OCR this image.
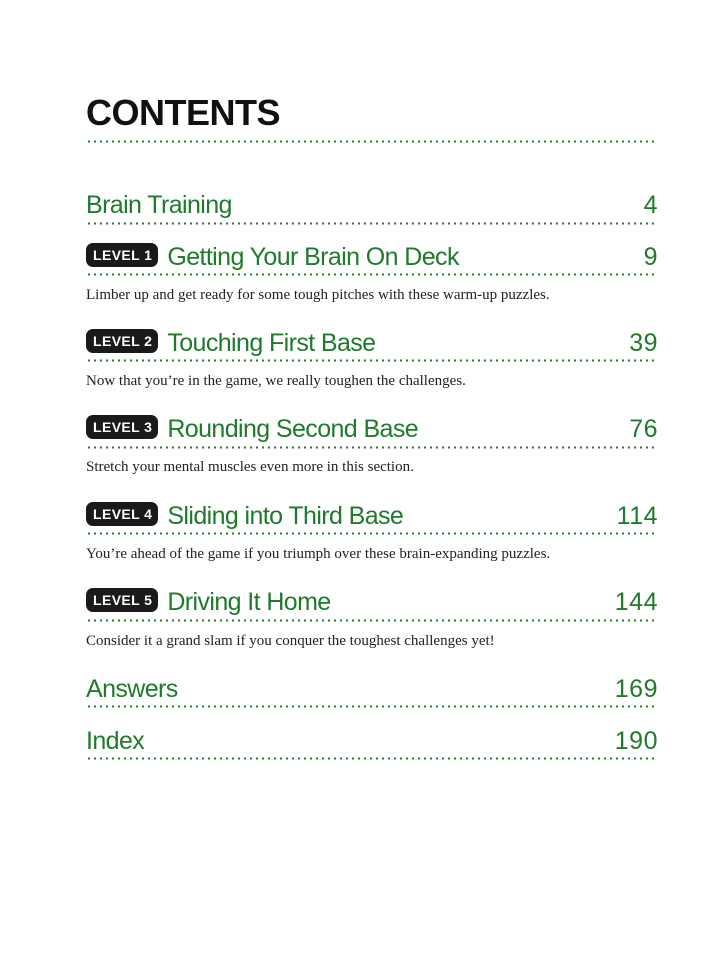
CONTENTS
Brain Training	4
LEVEL 1 Getting Your Brain On Deck	9
Limber up and get ready for some tough pitches with these warm-up puzzles.
LEVEL 2 Touching First Base	39
Now that you’re in the game, we really toughen the challenges.
LEVEL 3 Rounding Second Base	76
Stretch your mental muscles even more in this section.
LEVEL 4 Sliding into Third Base	114
You’re ahead of the game if you triumph over these brain-expanding puzzles.
LEVEL 5 Driving It Home	144
Consider it a grand slam if you conquer the toughest challenges yet!
Answers	169
Index	190
